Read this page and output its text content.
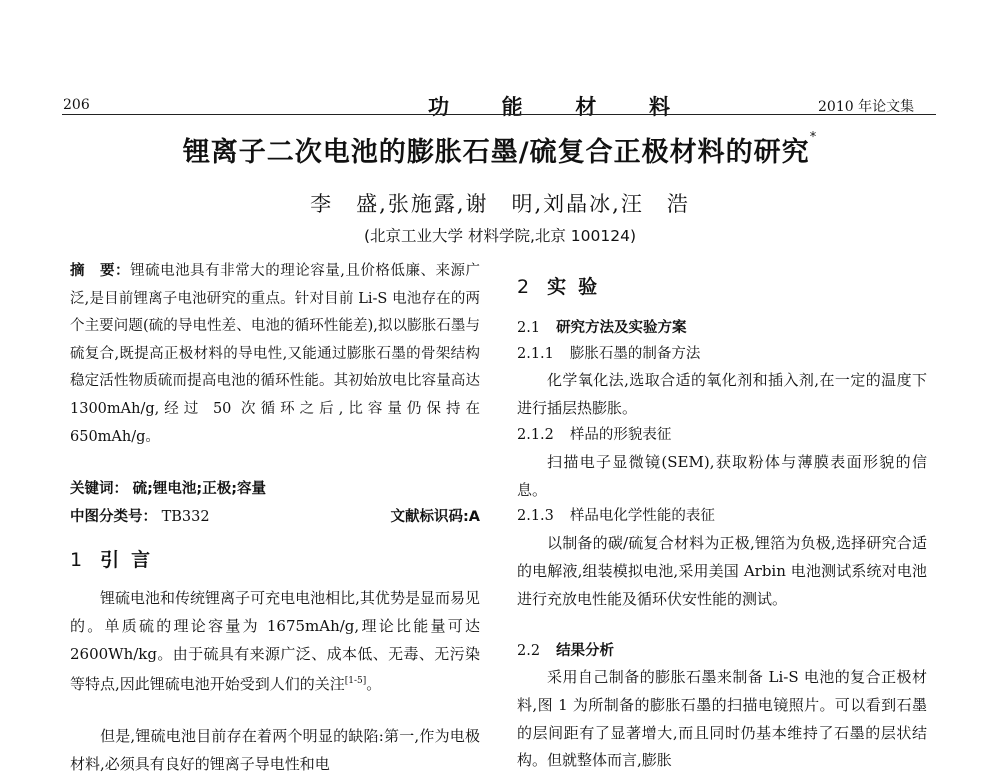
206	功	能	材	料	2010 年论文集
锂离子二次电池的膨胀石墨/硫复合正极材料的研究*
李　盛,张施露,谢　明,刘晶冰,汪　浩
(北京工业大学 材料学院,北京 100124)
摘　要：锂硫电池具有非常大的理论容量,且价格低廉、来源广泛,是目前锂离子电池研究的重点。针对目前 Li-S 电池存在的两个主要问题(硫的导电性差、电池的循环性能差),拟以膨胀石墨与硫复合,既提高正极材料的导电性,又能通过膨胀石墨的骨架结构稳定活性物质硫而提高电池的循环性能。其初始放电比容量高达 1300mAh/g,经过 50 次循环之后,比容量仍保持在 650mAh/g。
关键词： 硫;锂电池;正极;容量
中图分类号： TB332	文献标识码:A
1 引言
锂硫电池和传统锂离子可充电电池相比,其优势是显而易见的。单质硫的理论容量为 1675mAh/g,理论比能量可达 2600Wh/kg。由于硫具有来源广泛、成本低、无毒、无污染等特点,因此锂硫电池开始受到人们的关注[1-5]。
但是,锂硫电池目前存在着两个明显的缺陷:第一,作为电极材料,必须具有良好的锂离子导电性和电
2 实验
2.1 研究方法及实验方案
2.1.1 膨胀石墨的制备方法
化学氧化法,选取合适的氧化剂和插入剂,在一定的温度下进行插层热膨胀。
2.1.2 样品的形貌表征
扫描电子显微镜(SEM),获取粉体与薄膜表面形貌的信息。
2.1.3 样品电化学性能的表征
以制备的碳/硫复合材料为正极,锂箔为负极,选择研究合适的电解液,组装模拟电池,采用美国 Arbin 电池测试系统对电池进行充放电性能及循环伏安性能的测试。
2.2 结果分析
采用自己制备的膨胀石墨来制备 Li-S 电池的复合正极材料,图 1 为所制备的膨胀石墨的扫描电镜照片。可以看到石墨的层间距有了显著增大,而且同时仍基本维持了石墨的层状结构。但就整体而言,膨胀
